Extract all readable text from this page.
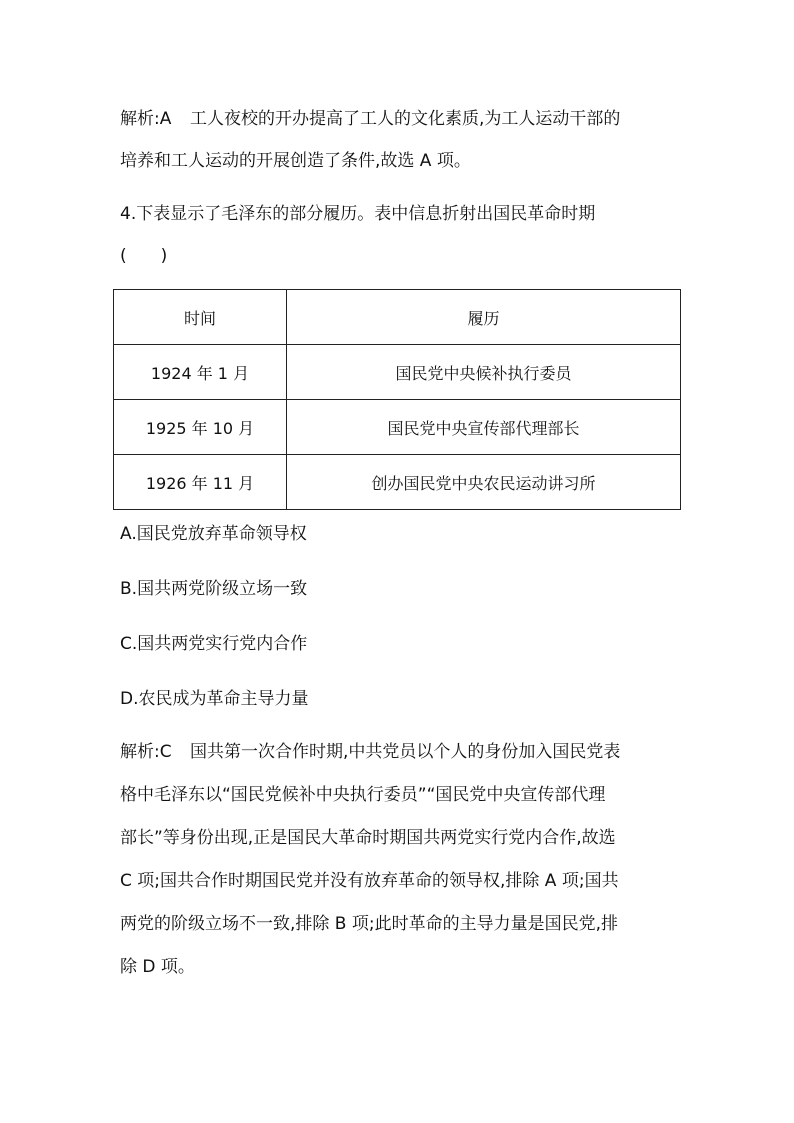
解析:A 工人夜校的开办提高了工人的文化素质,为工人运动干部的
培养和工人运动的开展创造了条件,故选 A 项。
4.下表显示了毛泽东的部分履历。表中信息折射出国民革命时期
(　　)
时间	履历
1924 年 1 月	国民党中央候补执行委员
1925 年 10 月	国民党中央宣传部代理部长
1926 年 11 月	创办国民党中央农民运动讲习所
A.国民党放弃革命领导权
B.国共两党阶级立场一致
C.国共两党实行党内合作
D.农民成为革命主导力量
解析:C 国共第一次合作时期,中共党员以个人的身份加入国民党表
格中毛泽东以“国民党候补中央执行委员”“国民党中央宣传部代理
部长”等身份出现,正是国民大革命时期国共两党实行党内合作,故选
C 项;国共合作时期国民党并没有放弃革命的领导权,排除 A 项;国共
两党的阶级立场不一致,排除 B 项;此时革命的主导力量是国民党,排
除 D 项。
